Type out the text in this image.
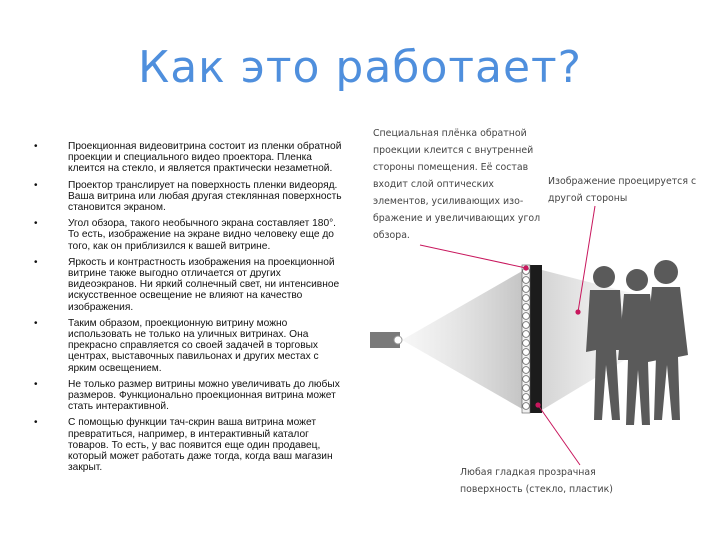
Как это работает?
•	Проекционная видеовитрина состоит из пленки обратной проекции и специального видео проектора. Пленка клеится на стекло, и является практически незаметной.
•	Проектор транслирует на поверхность пленки видеоряд. Ваша витрина или любая другая стеклянная поверхность становится экраном.
•	Угол обзора, такого необычного экрана составляет 180°. То есть, изображение на экране видно человеку еще до того, как он приблизился к вашей витрине.
•	Яркость и контрастность изображения на проекционной витрине также выгодно отличается от других видеоэкранов. Ни яркий солнечный свет, ни интенсивное искусственное освещение не влияют на качество изображения.
•	Таким образом, проекционную витрину можно использовать не только на уличных витринах. Она прекрасно справляется со своей задачей в торговых центрах, выставочных павильонах и других местах с ярким освещением.
•	Не только размер витрины можно увеличивать до любых размеров. Функционально проекционная витрина может стать интерактивной.
•	С помощью функции тач-скрин ваша витрина может превратиться, например, в интерактивный каталог товаров. То есть, у вас появится еще один продавец, который может работать даже тогда, когда ваш магазин закрыт.
Специальная плёнка обратной проекции клеится с внутренней стороны помещения. Её состав входит слой оптических элементов, усиливающих изо-бражение и увеличивающих угол обзора.
Изображение проецируется с другой стороны
Любая гладкая прозрачная поверхность (стекло, пластик)
